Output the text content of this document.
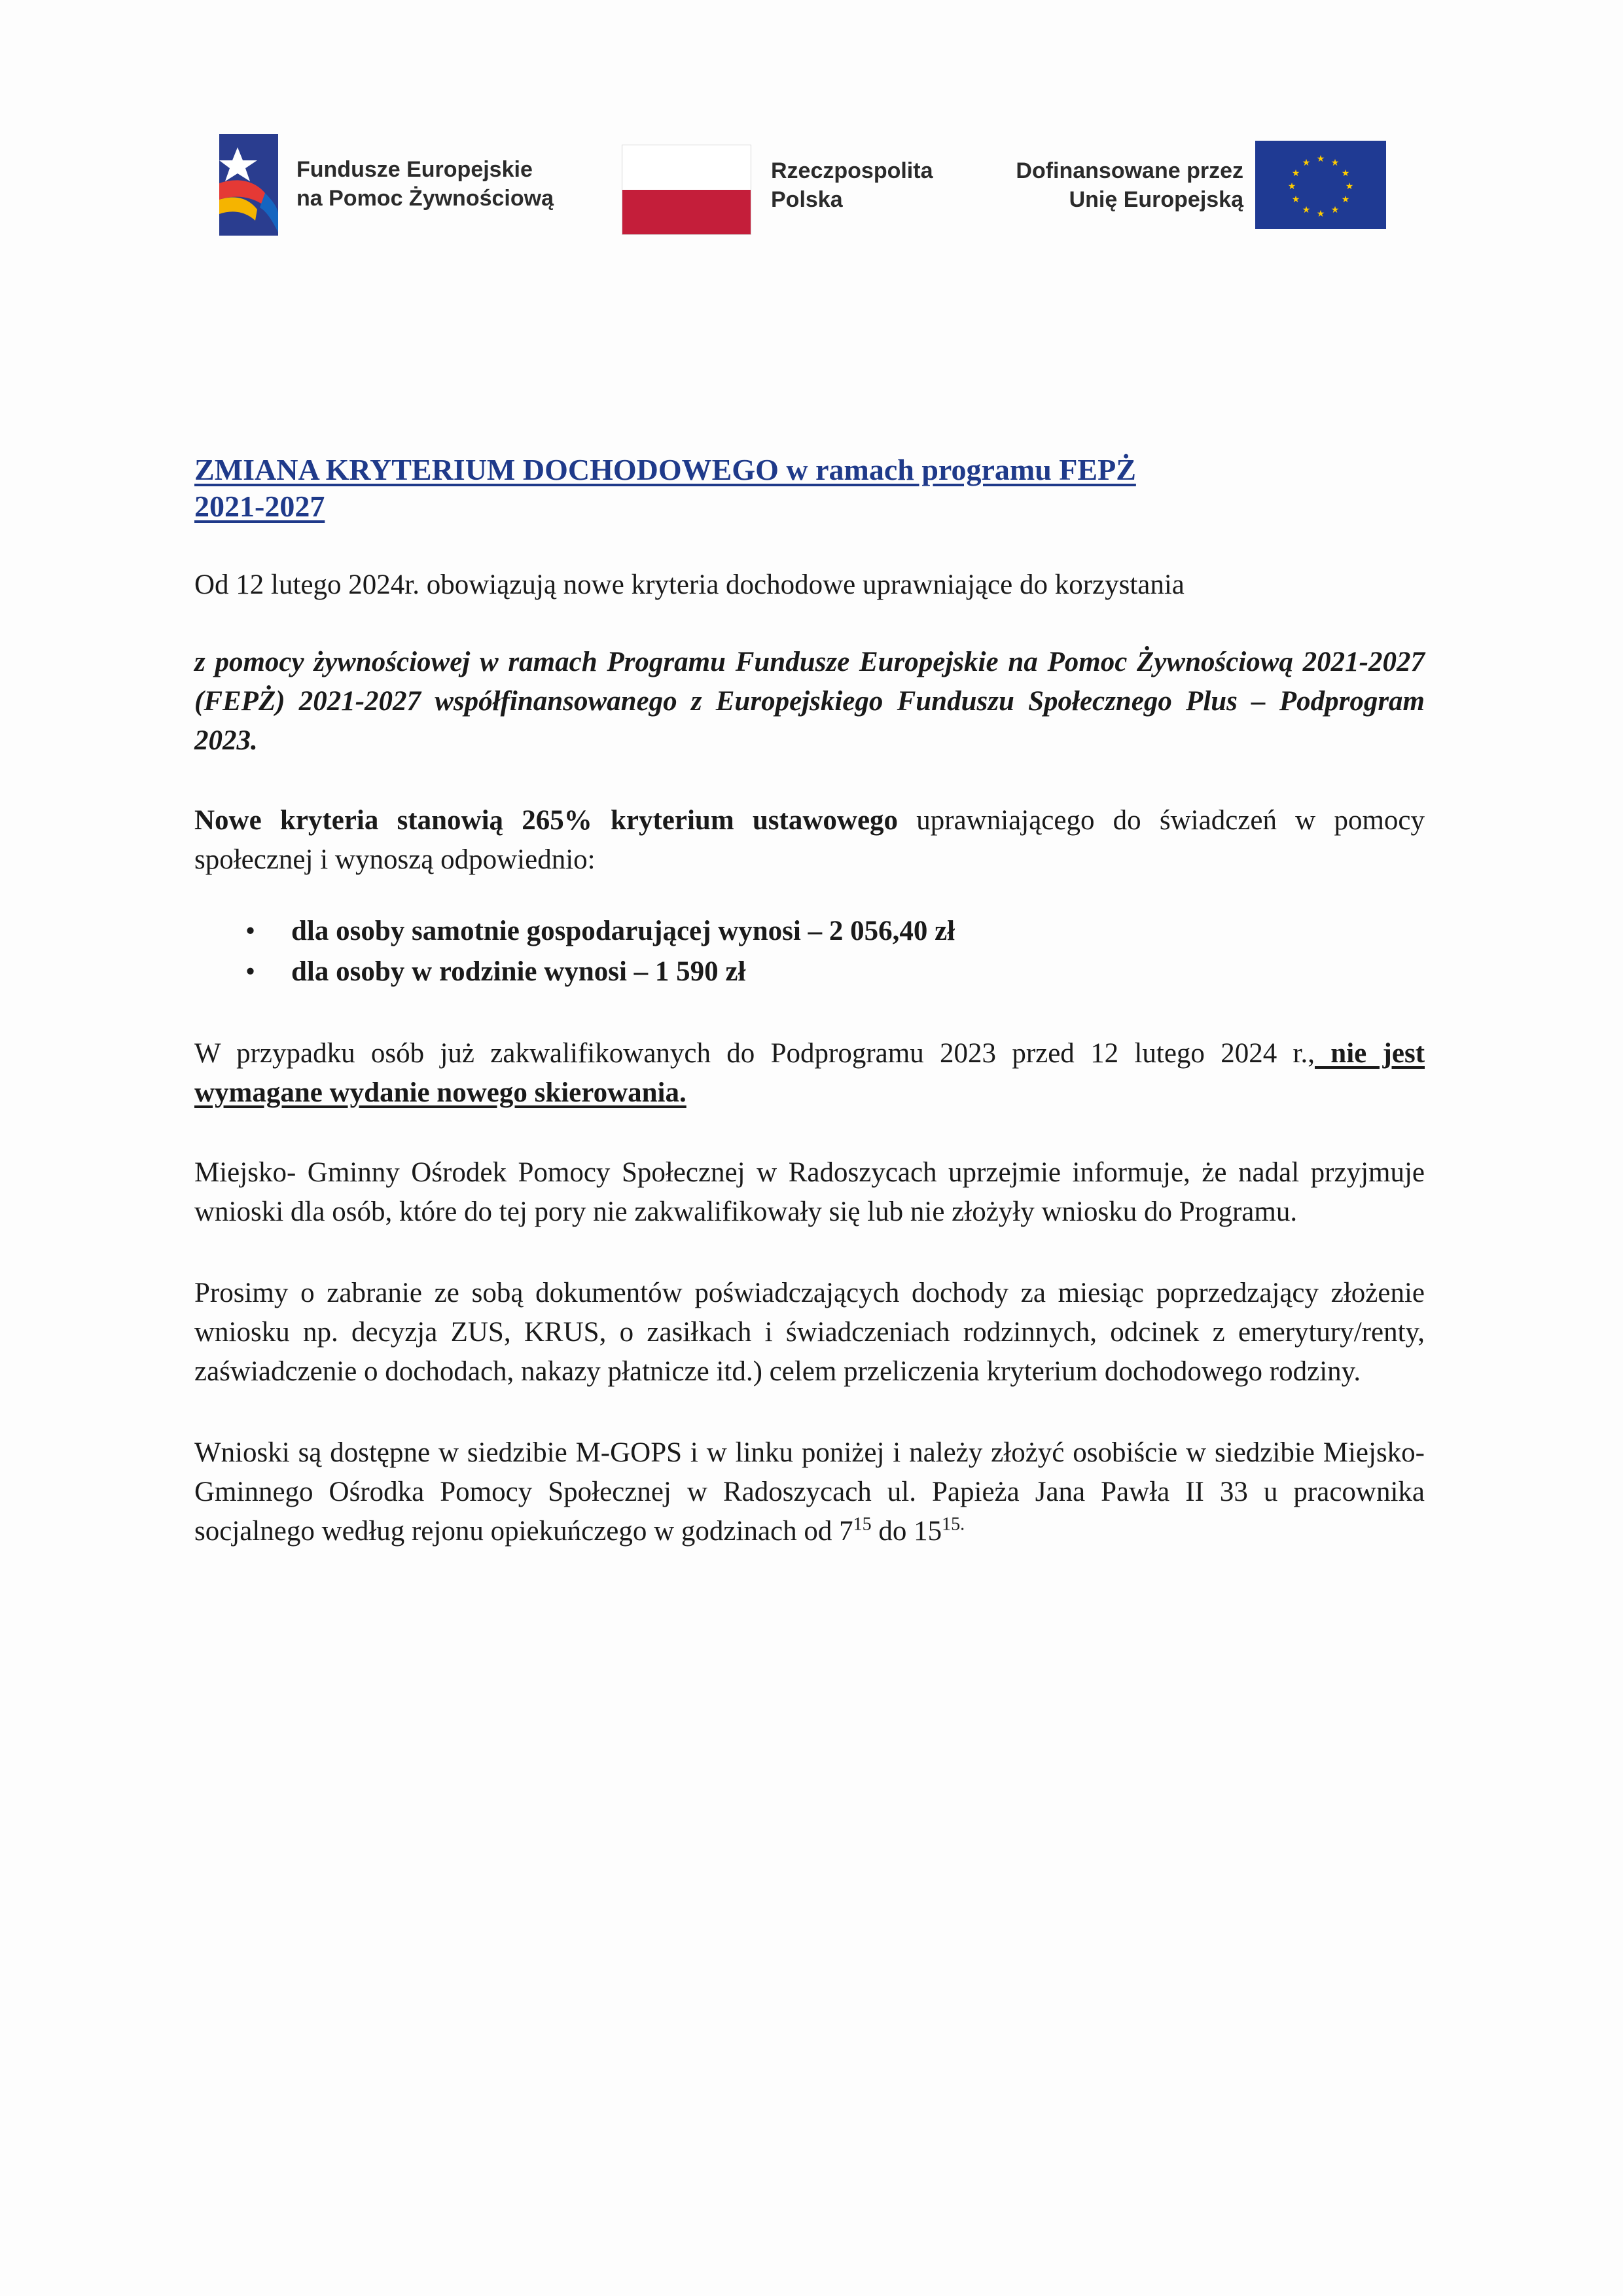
Fundusze Europejskie
na Pomoc Żywnościową
Rzeczpospolita
Polska
Dofinansowane przez
Unię Europejską
★ ★
★
★
★
★
★
★
★
★
★
★
ZMIANA KRYTERIUM DOCHODOWEGO w ramach programu FEPŻ
2021-2027

Od 12 lutego 2024r. obowiązują nowe kryteria dochodowe uprawniające do korzystania

z pomocy żywnościowej w ramach Programu Fundusze Europejskie na Pomoc Żywnościową 2021-2027 (FEPŻ) 2021-2027 współfinansowanego z Europejskiego Funduszu Społecznego Plus – Podprogram 2023.

Nowe kryteria stanowią 265% kryterium ustawowego uprawniającego do świadczeń w pomocy społecznej i wynoszą odpowiednio:

• dla osoby samotnie gospodarującej wynosi – 2 056,40 zł
• dla osoby w rodzinie wynosi – 1 590 zł

W przypadku osób już zakwalifikowanych do Podprogramu 2023 przed 12 lutego 2024 r., nie jest wymagane wydanie nowego skierowania.

Miejsko- Gminny Ośrodek Pomocy Społecznej w Radoszycach uprzejmie informuje, że nadal przyjmuje wnioski dla osób, które do tej pory nie zakwalifikowały się lub nie złożyły wniosku do Programu.

Prosimy o zabranie ze sobą dokumentów poświadczających dochody za miesiąc poprzedzający złożenie wniosku np. decyzja ZUS, KRUS, o zasiłkach i świadczeniach rodzinnych, odcinek z emerytury/renty, zaświadczenie o dochodach, nakazy płatnicze itd.) celem przeliczenia kryterium dochodowego rodziny.

Wnioski są dostępne w siedzibie M-GOPS i w linku poniżej i należy złożyć osobiście w siedzibie Miejsko-Gminnego Ośrodka Pomocy Społecznej w Radoszycach ul. Papieża Jana Pawła II 33 u pracownika socjalnego według rejonu opiekuńczego w godzinach od $7^{15}$ do $15^{15.}$
